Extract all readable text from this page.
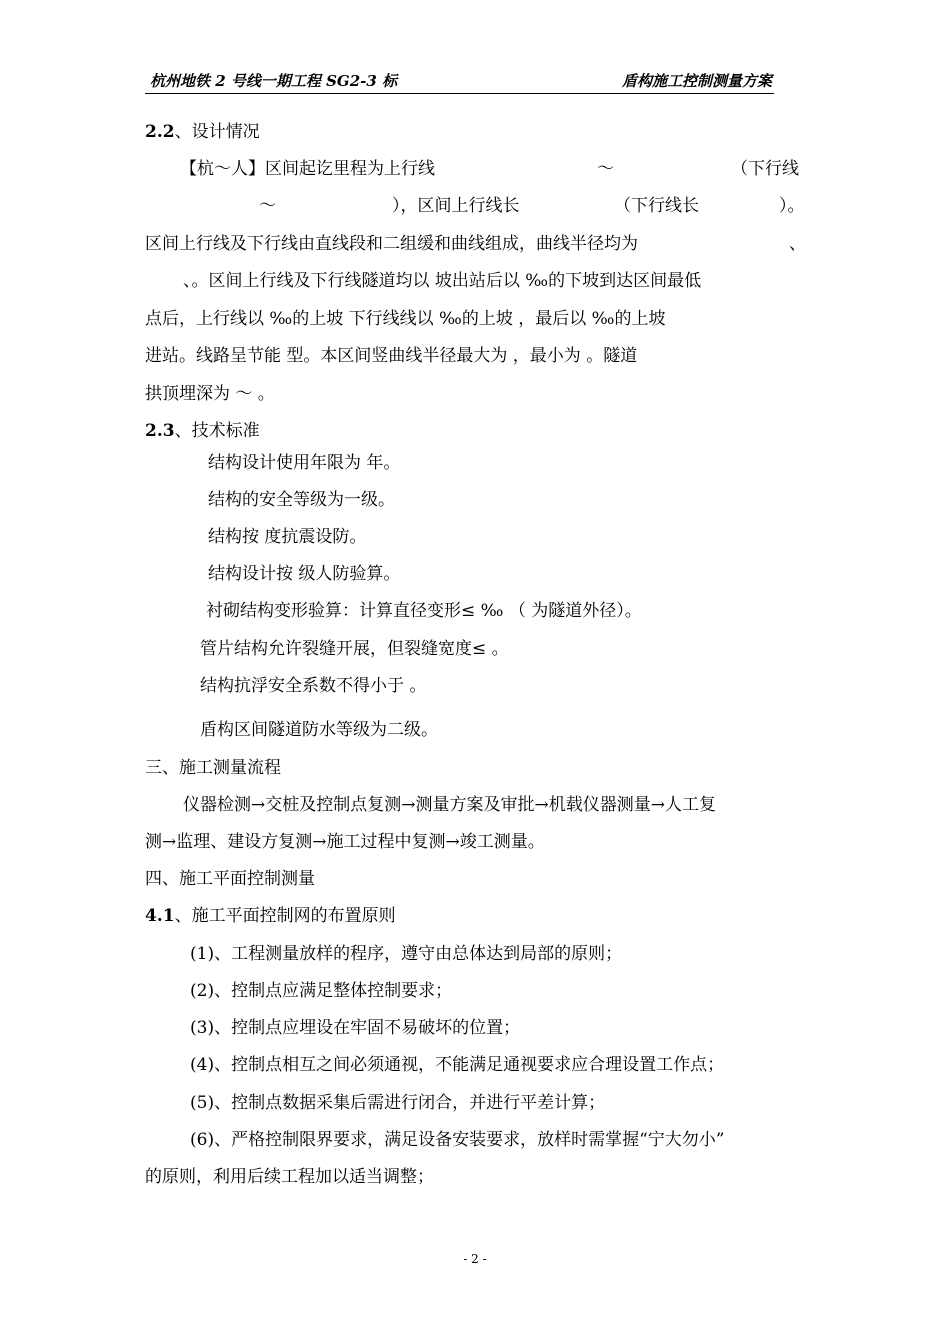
杭州地铁 2 号线一期工程 SG2-3 标	盾构施工控制测量方案
2.2、设计情况
【杭～人】区间起讫里程为上行线	～	（下行线
～	），区间上行线长	（下行线长	）。
区间上行线及下行线由直线段和二组缓和曲线组成，曲线半径均为	、
、。区间上行线及下行线隧道均以 坡出站后以 ‰的下坡到达区间最低
点后，上行线以 ‰的上坡 下行线线以 ‰的上坡 ，最后以 ‰的上坡
进站。线路呈节能 型。本区间竖曲线半径最大为 ，最小为 。隧道
拱顶埋深为 ～ 。
2.3、技术标准
结构设计使用年限为 年。
结构的安全等级为一级。
结构按 度抗震设防。
结构设计按 级人防验算。
衬砌结构变形验算：计算直径变形≤ ‰ （ 为隧道外径）。
管片结构允许裂缝开展，但裂缝宽度≤ 。
结构抗浮安全系数不得小于 。
盾构区间隧道防水等级为二级。
三、施工测量流程
仪器检测→交桩及控制点复测→测量方案及审批→机载仪器测量→人工复
测→监理、建设方复测→施工过程中复测→竣工测量。
四、施工平面控制测量
4.1、施工平面控制网的布置原则
(1)、工程测量放样的程序，遵守由总体达到局部的原则；
(2)、控制点应满足整体控制要求；
(3)、控制点应埋设在牢固不易破坏的位置；
(4)、控制点相互之间必须通视，不能满足通视要求应合理设置工作点；
(5)、控制点数据采集后需进行闭合，并进行平差计算；
(6)、严格控制限界要求，满足设备安装要求，放样时需掌握“宁大勿小”
的原则，利用后续工程加以适当调整；
- 2 -
